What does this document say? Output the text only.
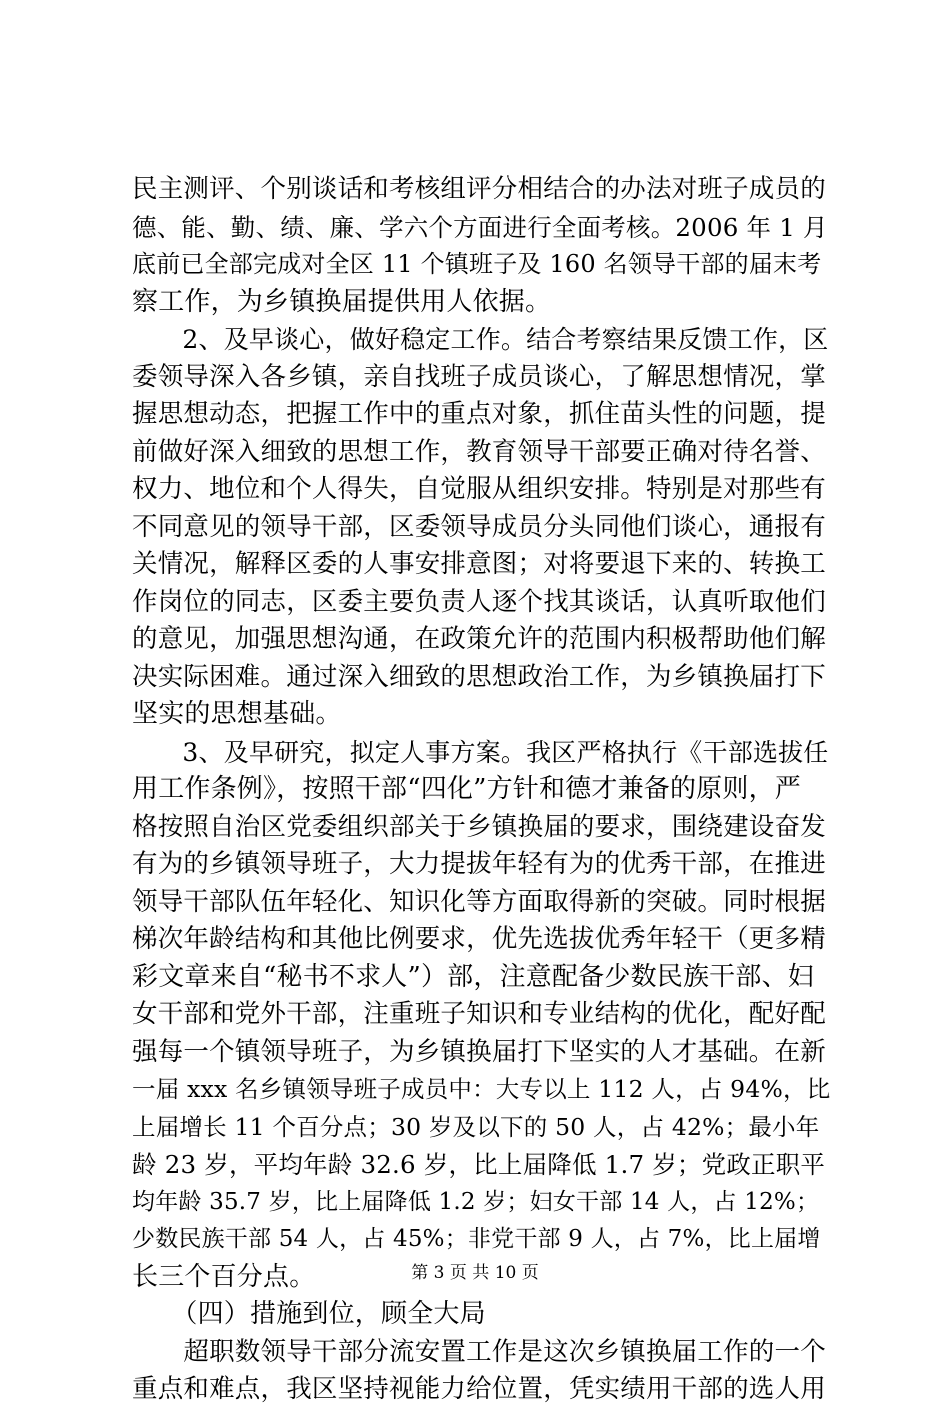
民主测评、个别谈话和考核组评分相结合的办法对班子成员的
德、能、勤、绩、廉、学六个方面进行全面考核。2006 年 1 月
底前已全部完成对全区 11 个镇班子及 160 名领导干部的届末考
察工作，为乡镇换届提供用人依据。
　　2、及早谈心，做好稳定工作。结合考察结果反馈工作，区
委领导深入各乡镇，亲自找班子成员谈心，了解思想情况，掌
握思想动态，把握工作中的重点对象，抓住苗头性的问题，提
前做好深入细致的思想工作，教育领导干部要正确对待名誉、
权力、地位和个人得失，自觉服从组织安排。特别是对那些有
不同意见的领导干部，区委领导成员分头同他们谈心，通报有
关情况，解释区委的人事安排意图；对将要退下来的、转换工
作岗位的同志，区委主要负责人逐个找其谈话，认真听取他们
的意见，加强思想沟通，在政策允许的范围内积极帮助他们解
决实际困难。通过深入细致的思想政治工作，为乡镇换届打下
坚实的思想基础。
　　3、及早研究，拟定人事方案。我区严格执行《干部选拔任
用工作条例》，按照干部“四化”方针和德才兼备的原则，严
格按照自治区党委组织部关于乡镇换届的要求，围绕建设奋发
有为的乡镇领导班子，大力提拔年轻有为的优秀干部，在推进
领导干部队伍年轻化、知识化等方面取得新的突破。同时根据
梯次年龄结构和其他比例要求，优先选拔优秀年轻干（更多精
彩文章来自“秘书不求人”）部，注意配备少数民族干部、妇
女干部和党外干部，注重班子知识和专业结构的优化，配好配
强每一个镇领导班子，为乡镇换届打下坚实的人才基础。在新
一届 xxx 名乡镇领导班子成员中：大专以上 112 人，占 94%，比
上届增长 11 个百分点；30 岁及以下的 50 人，占 42%；最小年
龄 23 岁，平均年龄 32.6 岁，比上届降低 1.7 岁；党政正职平
均年龄 35.7 岁，比上届降低 1.2 岁；妇女干部 14 人，占 12%；
少数民族干部 54 人，占 45%；非党干部 9 人，占 7%，比上届增
长三个百分点。
　　（四）措施到位，顾全大局
　　超职数领导干部分流安置工作是这次乡镇换届工作的一个
重点和难点，我区坚持视能力给位置，凭实绩用干部的选人用
第 3 页 共 10 页
